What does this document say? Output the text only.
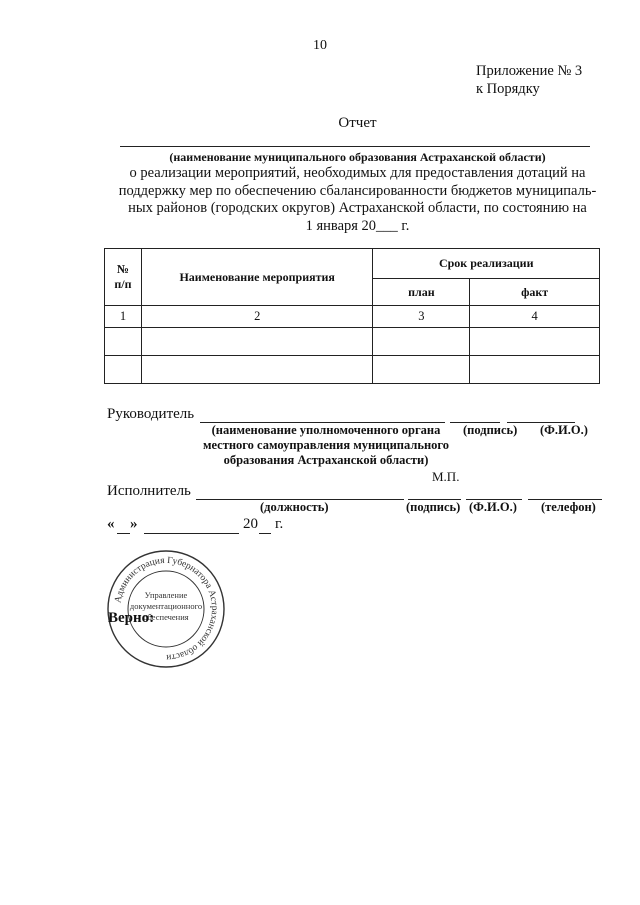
10
Приложение № 3
к Порядку
Отчет
(наименование муниципального образования Астраханской области)
о реализации мероприятий, необходимых для предоставления дотаций на
поддержку мер по обеспечению сбалансированности бюджетов муниципаль-
ных районов (городских округов) Астраханской области, по состоянию на
1 января 20___ г.
№
п/п	Наименование мероприятия	Срок реализации	
		план	факт
1	2	3	4

Руководитель
(наименование уполномоченного органа
местного самоуправления муниципального
образования Астраханской области)
(подпись) (Ф.И.О.)
М.П.
Исполнитель
(должность)	(подпись) (Ф.И.О.) (телефон)
« »	20 г.
Администрация Губернатора Астраханской области
Управление
документационного
обеспечения
Верно:
